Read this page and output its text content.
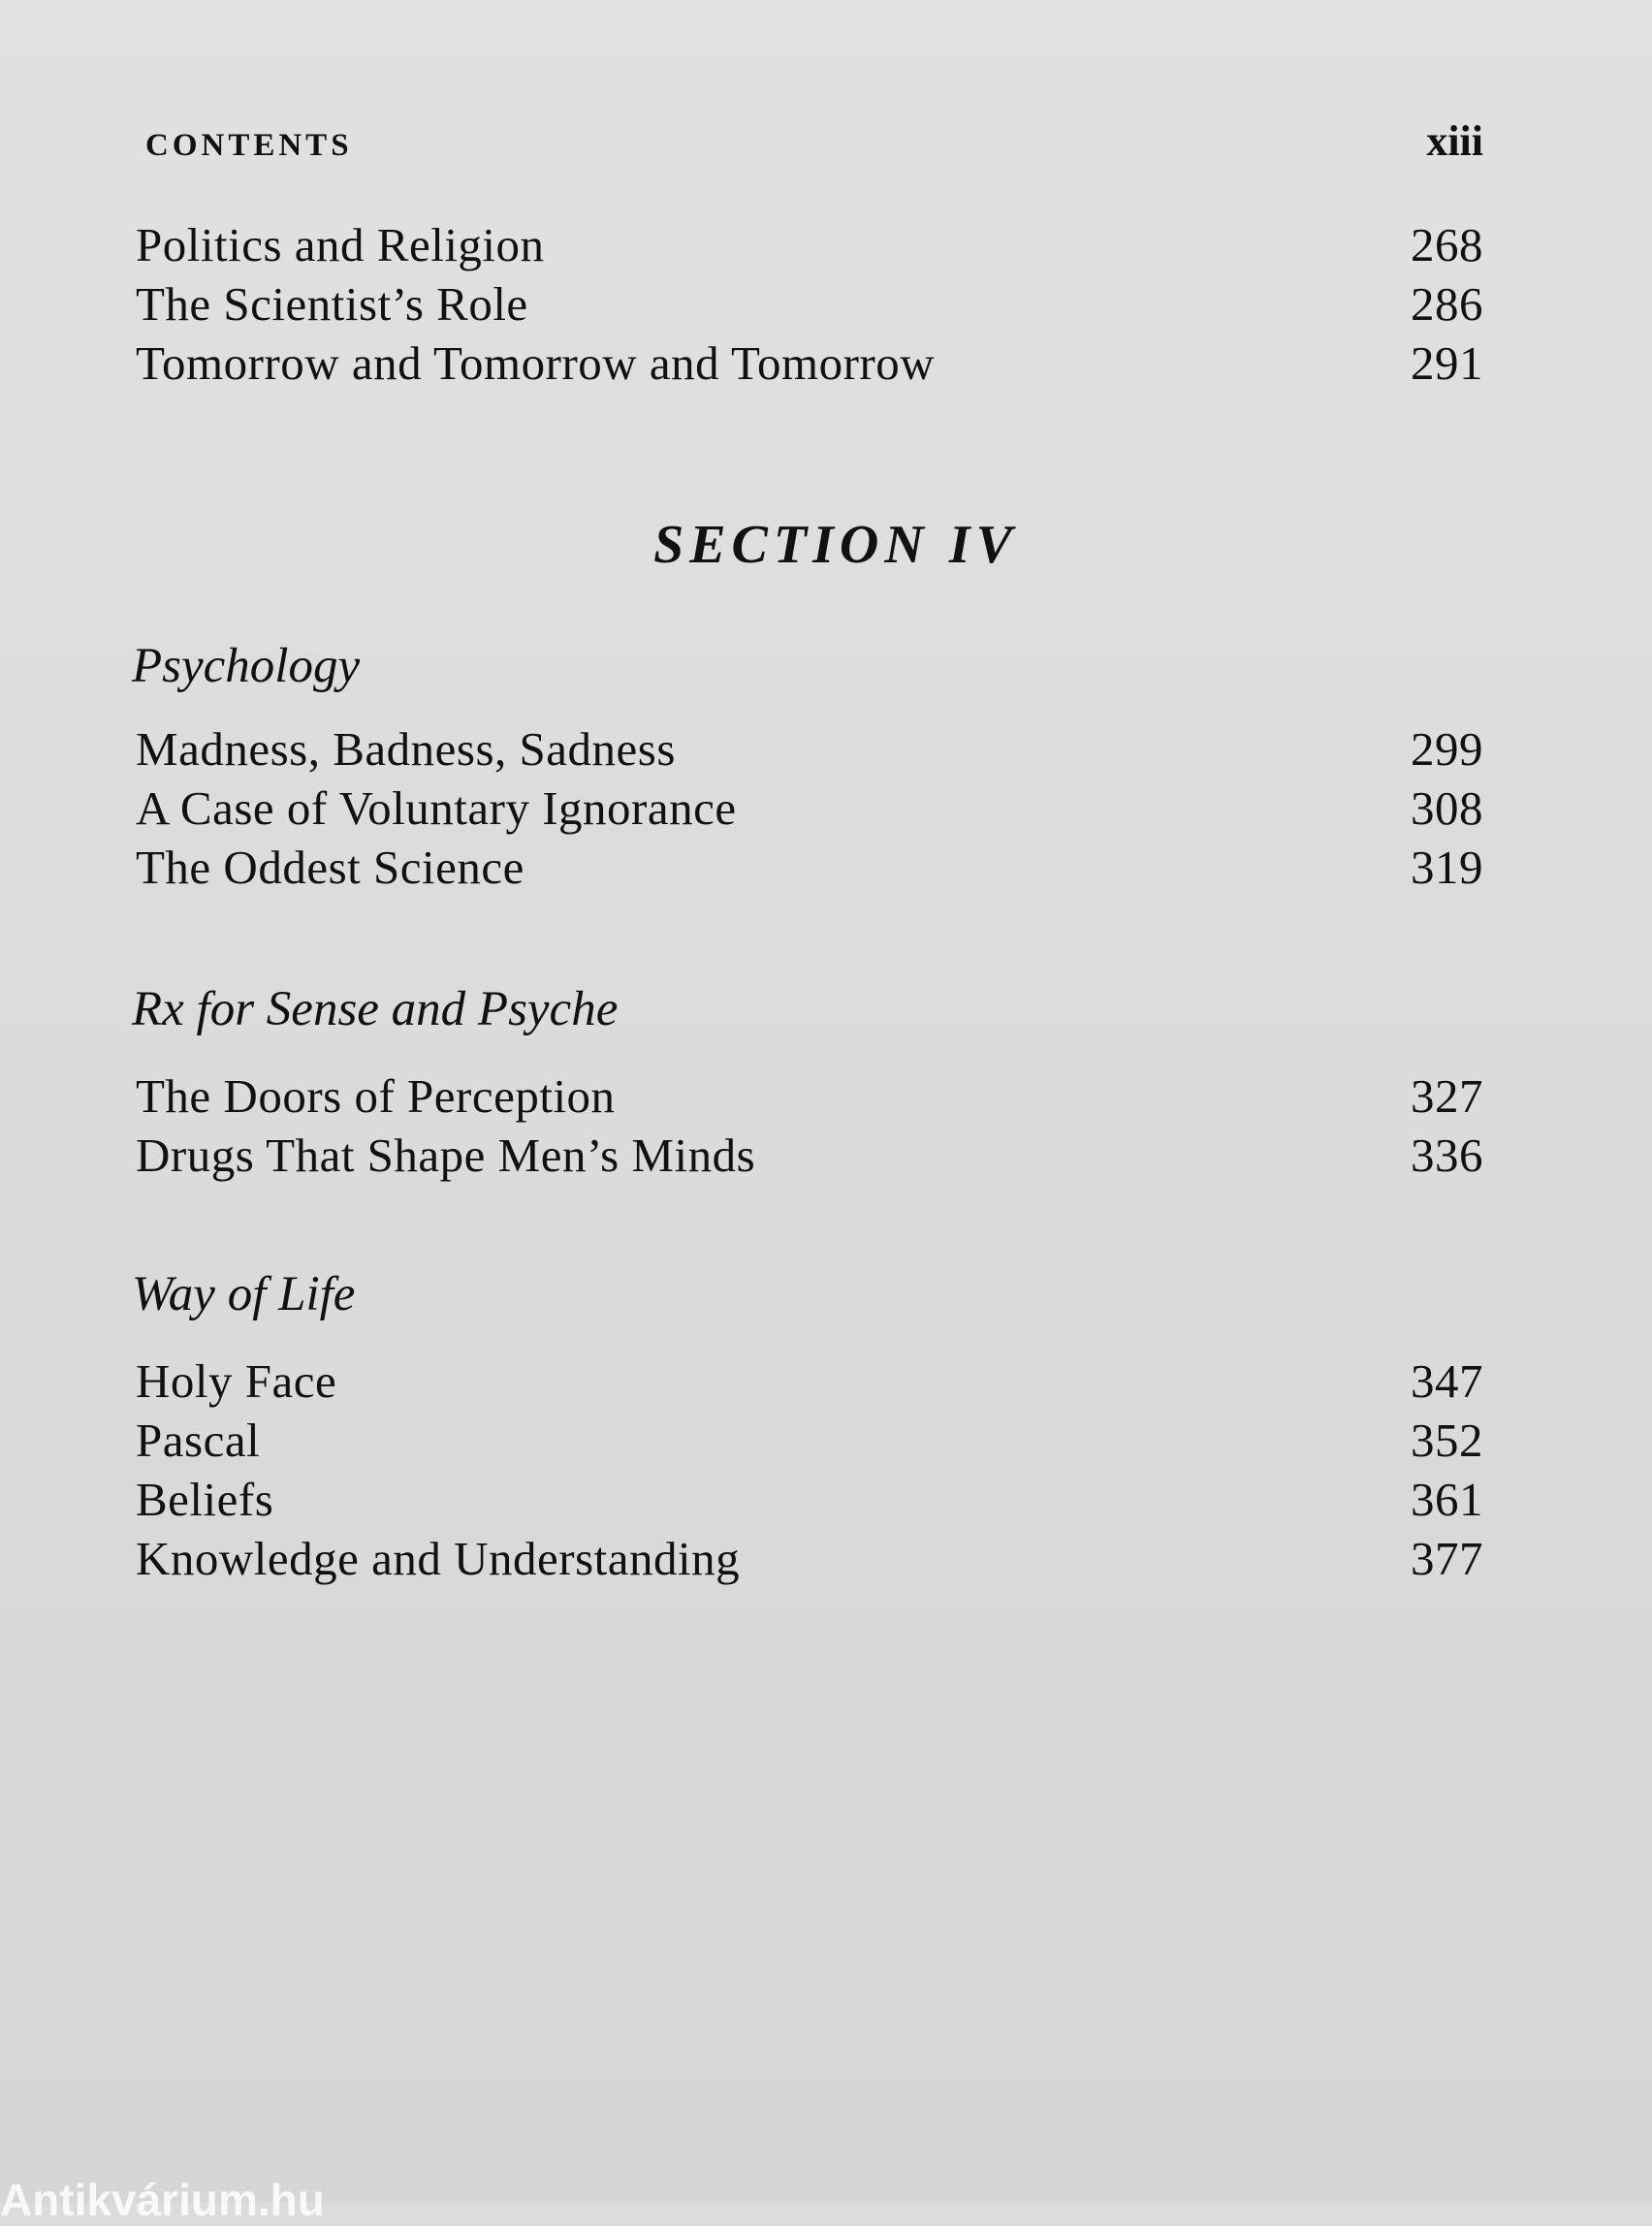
CONTENTS	xiii
Politics and Religion	268
The Scientist’s Role	286
Tomorrow and Tomorrow and Tomorrow	291
SECTION IV
Psychology
Madness, Badness, Sadness	299
A Case of Voluntary Ignorance	308
The Oddest Science	319
Rx for Sense and Psyche
The Doors of Perception	327
Drugs That Shape Men’s Minds	336
Way of Life
Holy Face	347
Pascal	352
Beliefs	361
Knowledge and Understanding	377
Antikvárium.hu
